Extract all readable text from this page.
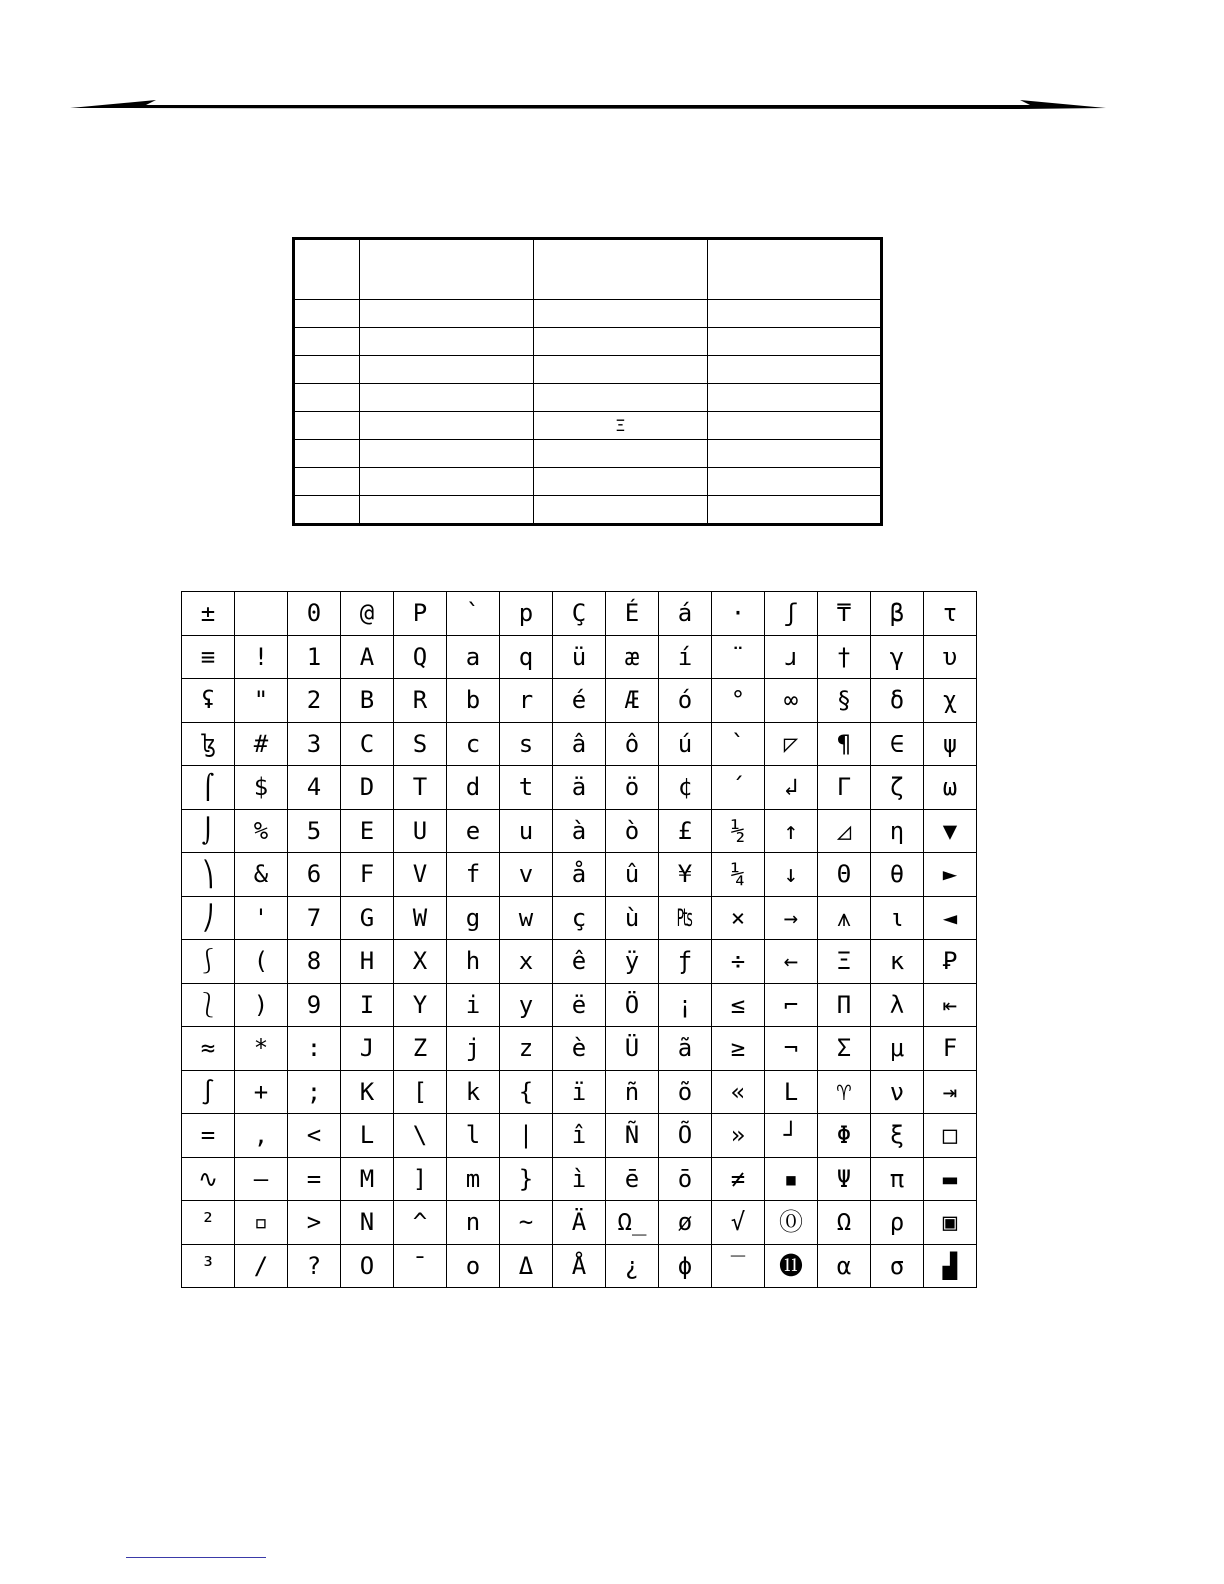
		Ξ	

±		0	@	P	`	p	Ç	É	á	·	ʃ	₸	β	τ
≡	!	1	A	Q	a	q	ü	æ	í	¨	ɹ	†	γ	υ
ʢ	"	2	B	R	b	r	é	Æ	ó	°	∞	§	δ	χ
ɮ	#	3	C	S	c	s	â	ô	ú	`	◸	¶	∈	ψ
⌠	$	4	D	T	d	t	ä	ö	¢	´	↲	Γ	ζ	ω
⌡	%	5	E	U	e	u	à	ò	£	½	↑	◿	η	▼
⎞	&	6	F	V	f	v	å	û	¥	¼	↓	Θ	θ	►
⎠	'	7	G	W	g	w	ç	ù	₧	×	→	⩚	ι	◄
⎰	(	8	H	X	h	x	ê	ÿ	ƒ	÷	←	Ξ	κ	Ꝑ
⎱	)	9	I	Y	i	y	ë	Ö	¡	≤	⌐	Π	λ	⇤
≈	*	:	J	Z	j	z	è	Ü	ã	≥	¬	Σ	μ	F
∫	+	;	K	[	k	{	ï	ñ	õ	«	L	♈	ν	⇥
=	,	<	L	\	l	|	î	Ñ	Õ	»	┘	Φ	ξ	□
∿	—	=	M	]	m	}	ì	ē	ō	≠	▪	Ψ	π	▬
²	▫	>	N	^	n	~	Ä	Ω̲	ø	√	⓪	Ω	ρ	▣
³	/	?	O	¯	o	Δ	Å	¿	ϕ	‾	⓫	α	σ	▟
